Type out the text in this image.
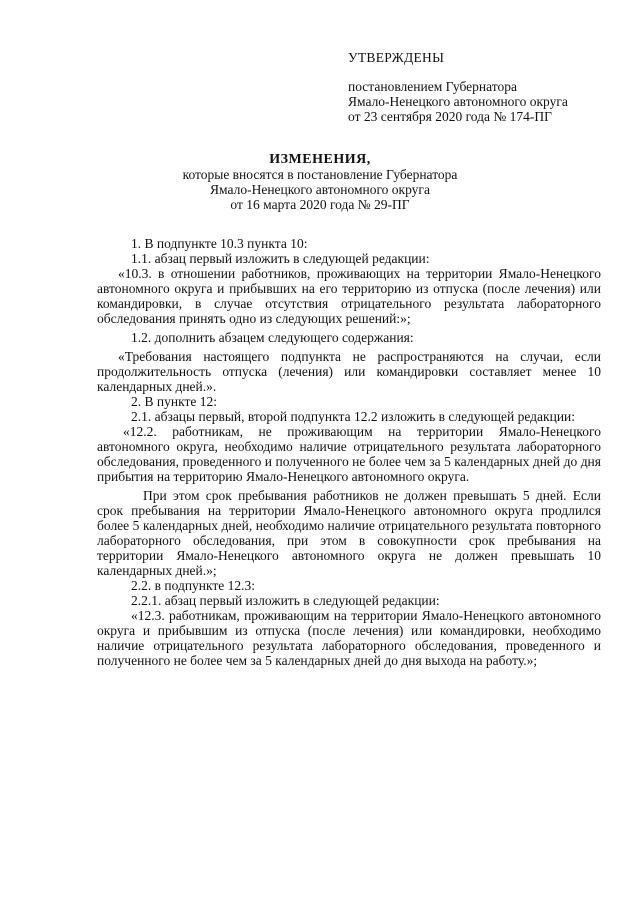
УТВЕРЖДЕНЫ
постановлением Губернатора
Ямало-Ненецкого автономного округа
от 23 сентября 2020 года № 174-ПГ
ИЗМЕНЕНИЯ,
которые вносятся в постановление Губернатора
Ямало-Ненецкого автономного округа
от 16 марта 2020 года № 29-ПГ

1. В подпункте 10.3 пункта 10:

1.1. абзац первый изложить в следующей редакции:

«10.3. в отношении работников, проживающих на территории Ямало-Ненецкого автономного округа и прибывших на его территорию из отпуска (после лечения) или командировки, в случае отсутствия отрицательного результата лабораторного обследования принять одно из следующих решений:»;

1.2. дополнить абзацем следующего содержания:

«Требования настоящего подпункта не распространяются на случаи, если продолжительность отпуска (лечения) или командировки составляет менее 10 календарных дней.».

2. В пункте 12:

2.1. абзацы первый, второй подпункта 12.2 изложить в следующей редакции:

«12.2. работникам, не проживающим на территории Ямало-Ненецкого автономного округа, необходимо наличие отрицательного результата лабораторного обследования, проведенного и полученного не более чем за 5 календарных дней до дня прибытия на территорию Ямало-Ненецкого автономного округа.

При этом срок пребывания работников не должен превышать 5 дней. Если срок пребывания на территории Ямало-Ненецкого автономного округа продлился более 5 календарных дней, необходимо наличие отрицательного результата повторного лабораторного обследования, при этом в совокупности срок пребывания на территории Ямало-Ненецкого автономного округа не должен превышать 10 календарных дней.»;

2.2. в подпункте 12.3:

2.2.1. абзац первый изложить в следующей редакции:

«12.3. работникам, проживающим на территории Ямало-Ненецкого автономного округа и прибывшим из отпуска (после лечения) или командировки, необходимо наличие отрицательного результата лабораторного обследования, проведенного и полученного не более чем за 5 календарных дней до дня выхода на работу.»;
